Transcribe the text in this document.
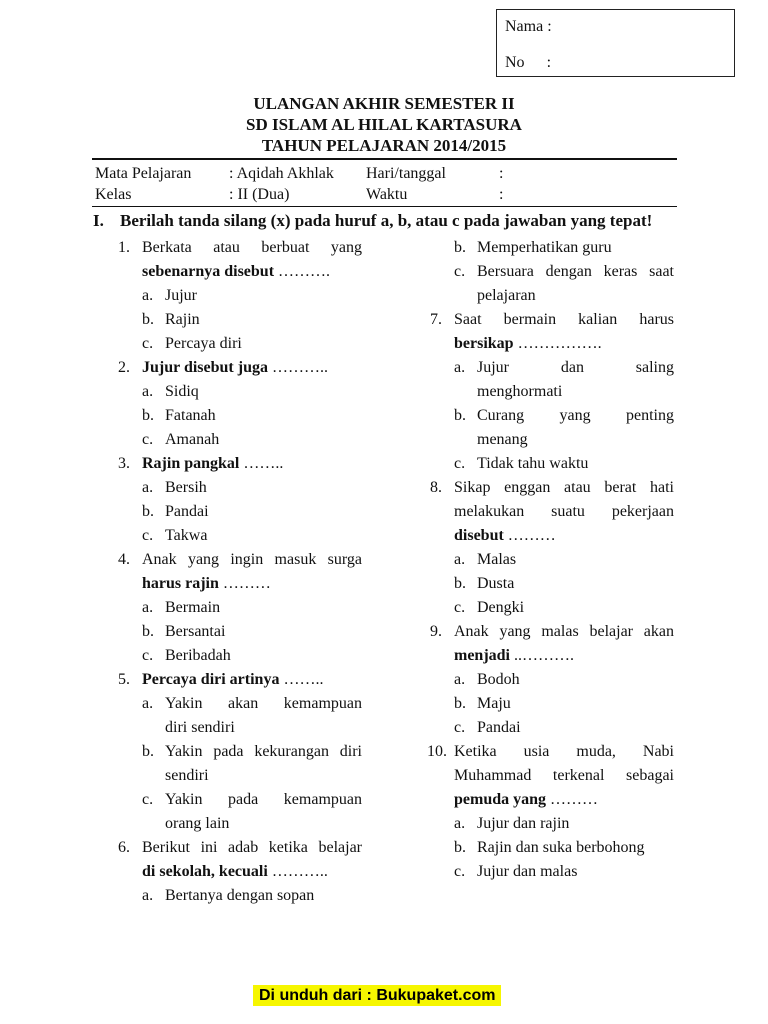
Nama :
No :
ULANGAN AKHIR SEMESTER II
SD ISLAM AL HILAL KARTASURA
TAHUN PELAJARAN 2014/2015
Mata Pelajaran : Aqidah Akhlak Hari/tanggal	:
Kelas	: II (Dua)	Waktu	:
I. Berilah tanda silang (x) pada huruf a, b, atau c pada jawaban yang tepat!
1. Berkata atau berbuat yang
sebenarnya disebut ……….
a. Jujur
b. Rajin
c. Percaya diri
2. Jujur disebut juga ………..
a. Sidiq
b. Fatanah
c. Amanah
3. Rajin pangkal ……..
a. Bersih
b. Pandai
c. Takwa
4. Anak yang ingin masuk surga
harus rajin ………
a. Bermain
b. Bersantai
c. Beribadah
5. Percaya diri artinya ……..
a. Yakin akan kemampuan
diri sendiri
b. Yakin pada kekurangan diri
sendiri
c. Yakin pada kemampuan
orang lain
6. Berikut ini adab ketika belajar
di sekolah, kecuali ………..
a. Bertanya dengan sopan
b. Memperhatikan guru
c. Bersuara dengan keras saat
pelajaran
7. Saat bermain kalian harus
bersikap …………….
a. Jujur dan saling
menghormati
b. Curang yang penting
menang
c. Tidak tahu waktu
8. Sikap enggan atau berat hati
melakukan suatu pekerjaan
disebut ………
a. Malas
b. Dusta
c. Dengki
9. Anak yang malas belajar akan
menjadi ..……….
a. Bodoh
b. Maju
c. Pandai
10. Ketika usia muda, Nabi
Muhammad terkenal sebagai
pemuda yang ………
a. Jujur dan rajin
b. Rajin dan suka berbohong
c. Jujur dan malas
Di unduh dari : Bukupaket.com
